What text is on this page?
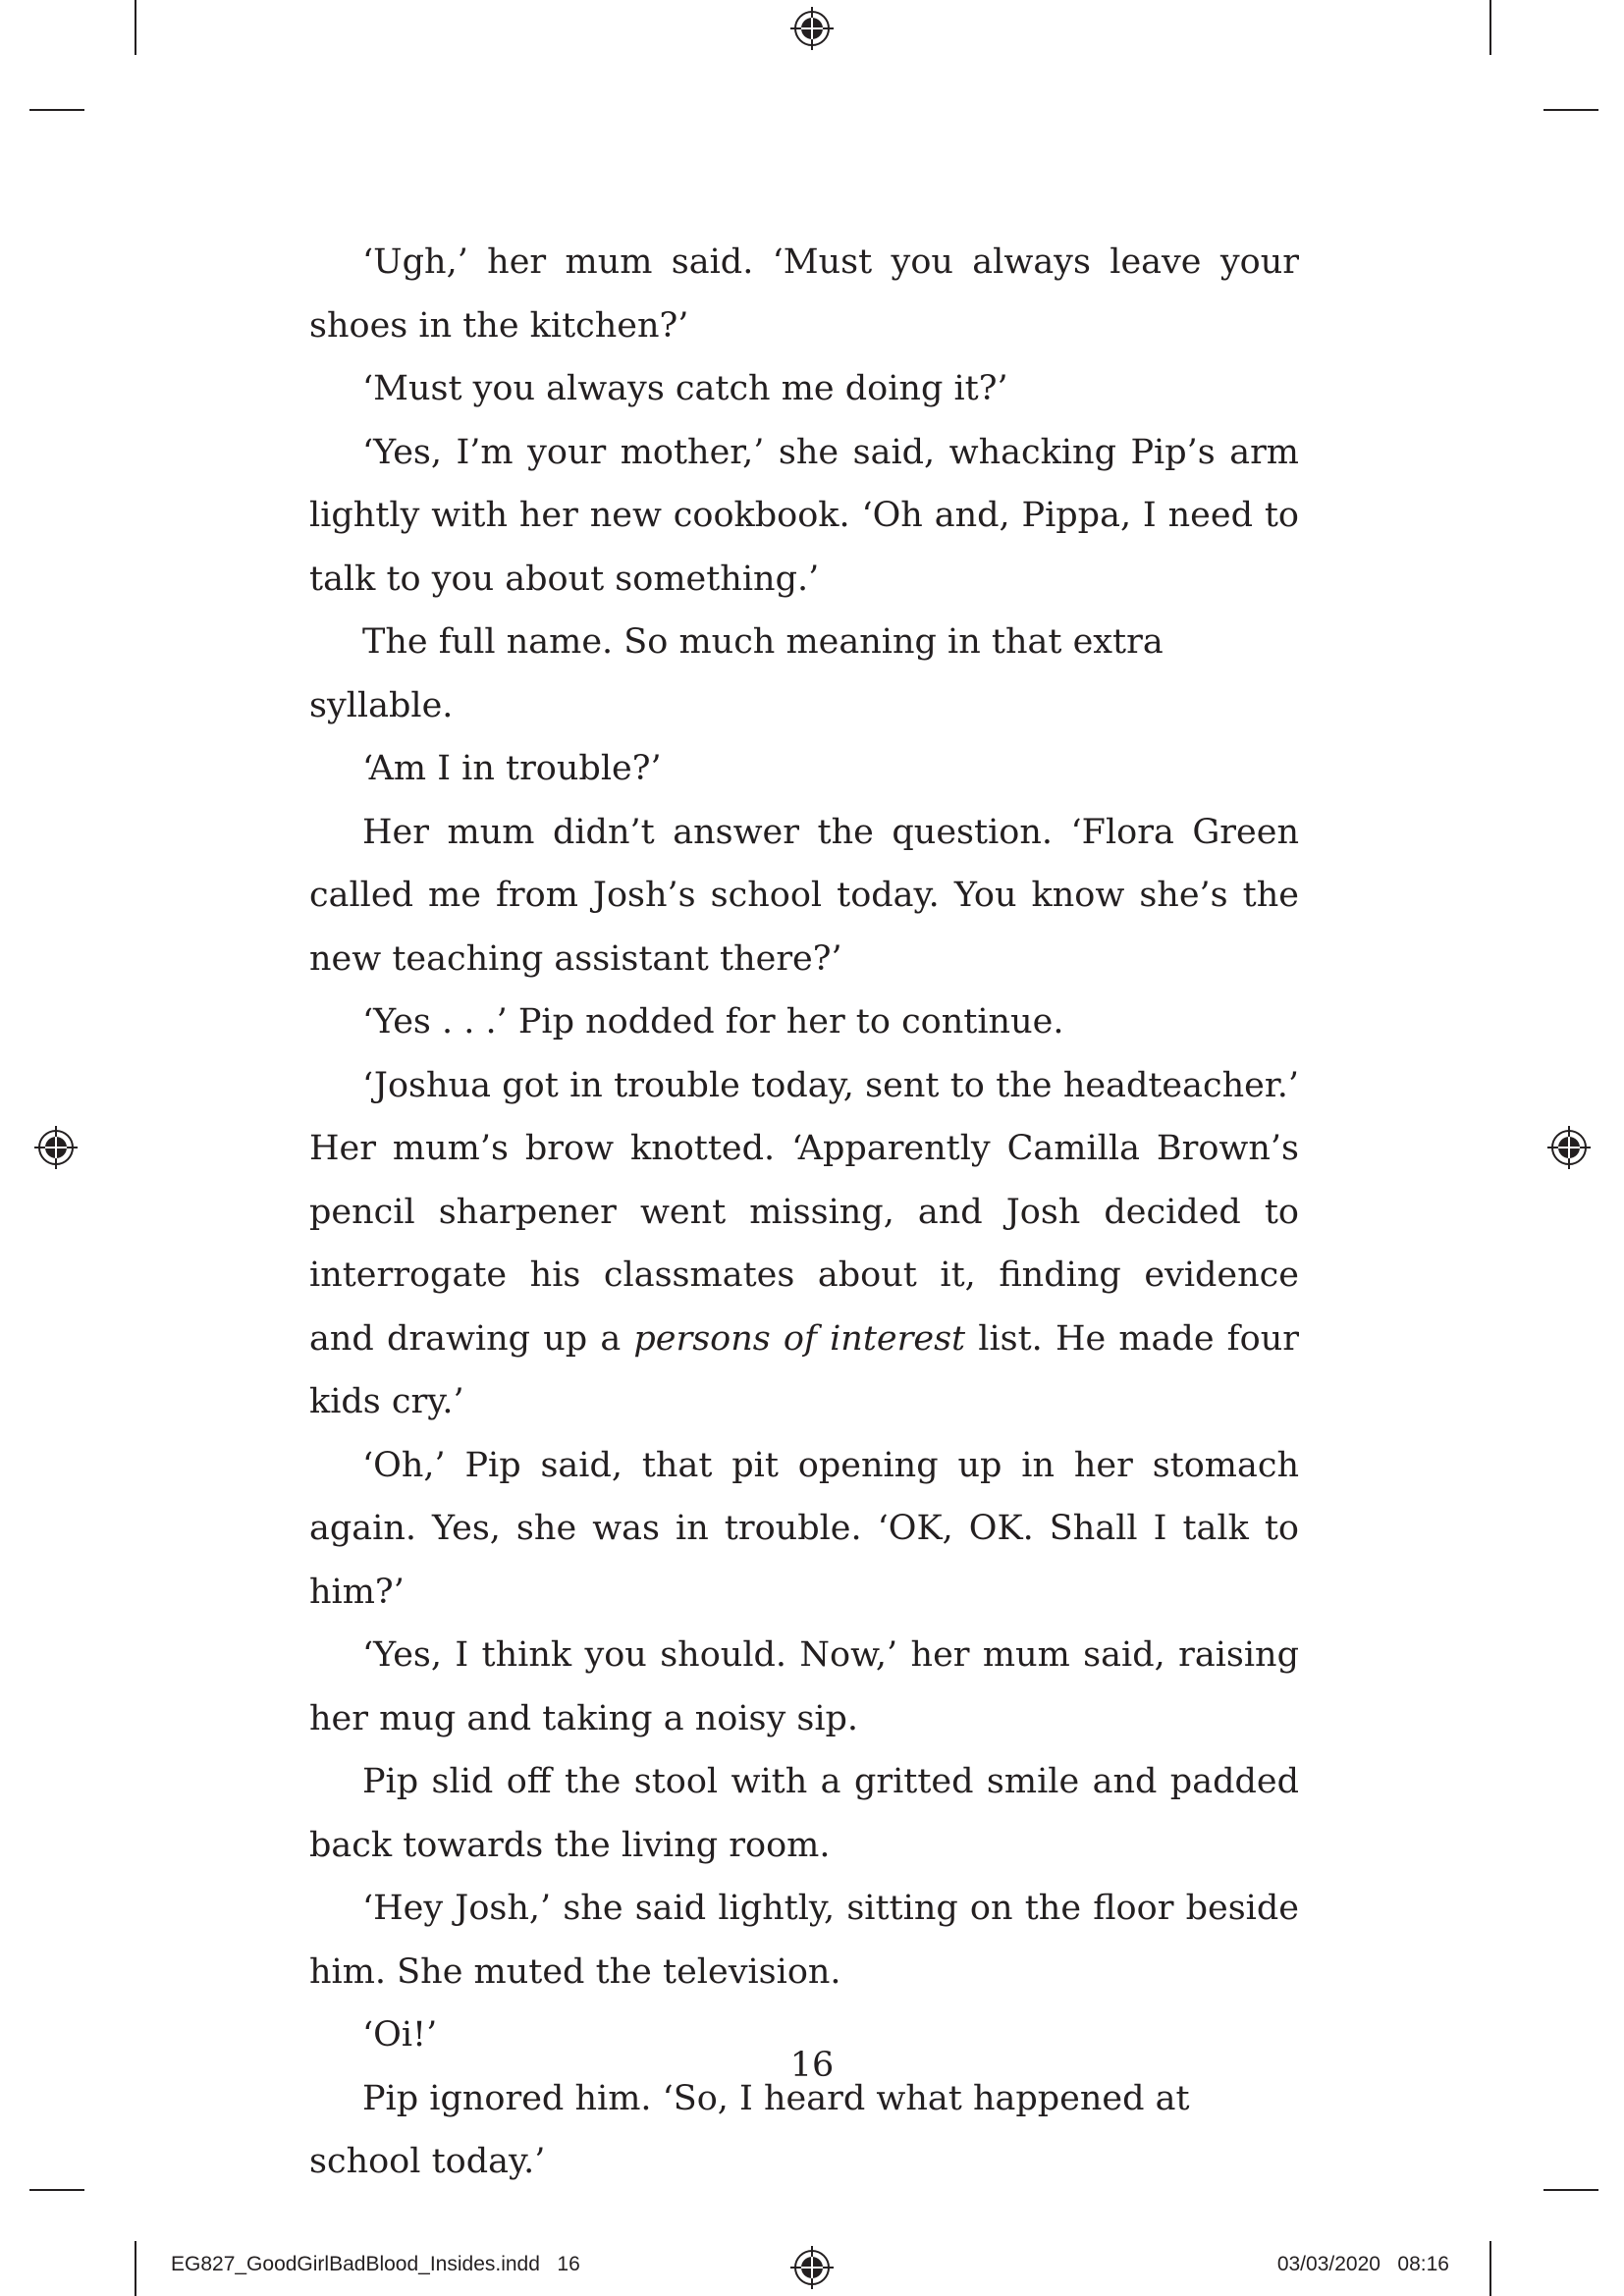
‘Ugh,’ her mum said. ‘Must you always leave your shoes in the kitchen?’

‘Must you always catch me doing it?’

‘Yes, I’m your mother,’ she said, whacking Pip’s arm lightly with her new cookbook. ‘Oh and, Pippa, I need to talk to you about something.’

The full name. So much meaning in that extra syllable.

‘Am I in trouble?’

Her mum didn’t answer the question. ‘Flora Green called me from Josh’s school today. You know she’s the new teaching assistant there?’

‘Yes . . .’ Pip nodded for her to continue.

‘Joshua got in trouble today, sent to the headteacher.’ Her mum’s brow knotted. ‘Apparently Camilla Brown’s pencil sharpener went missing, and Josh decided to interrogate his classmates about it, finding evidence and drawing up a persons of interest list. He made four kids cry.’

‘Oh,’ Pip said, that pit opening up in her stomach again. Yes, she was in trouble. ‘OK, OK. Shall I talk to him?’

‘Yes, I think you should. Now,’ her mum said, raising her mug and taking a noisy sip.

Pip slid off the stool with a gritted smile and padded back towards the living room.

‘Hey Josh,’ she said lightly, sitting on the floor beside him. She muted the television.

‘Oi!’

Pip ignored him. ‘So, I heard what happened at school today.’

16
EG827_GoodGirlBadBlood_Insides.indd   16	03/03/2020   08:16
